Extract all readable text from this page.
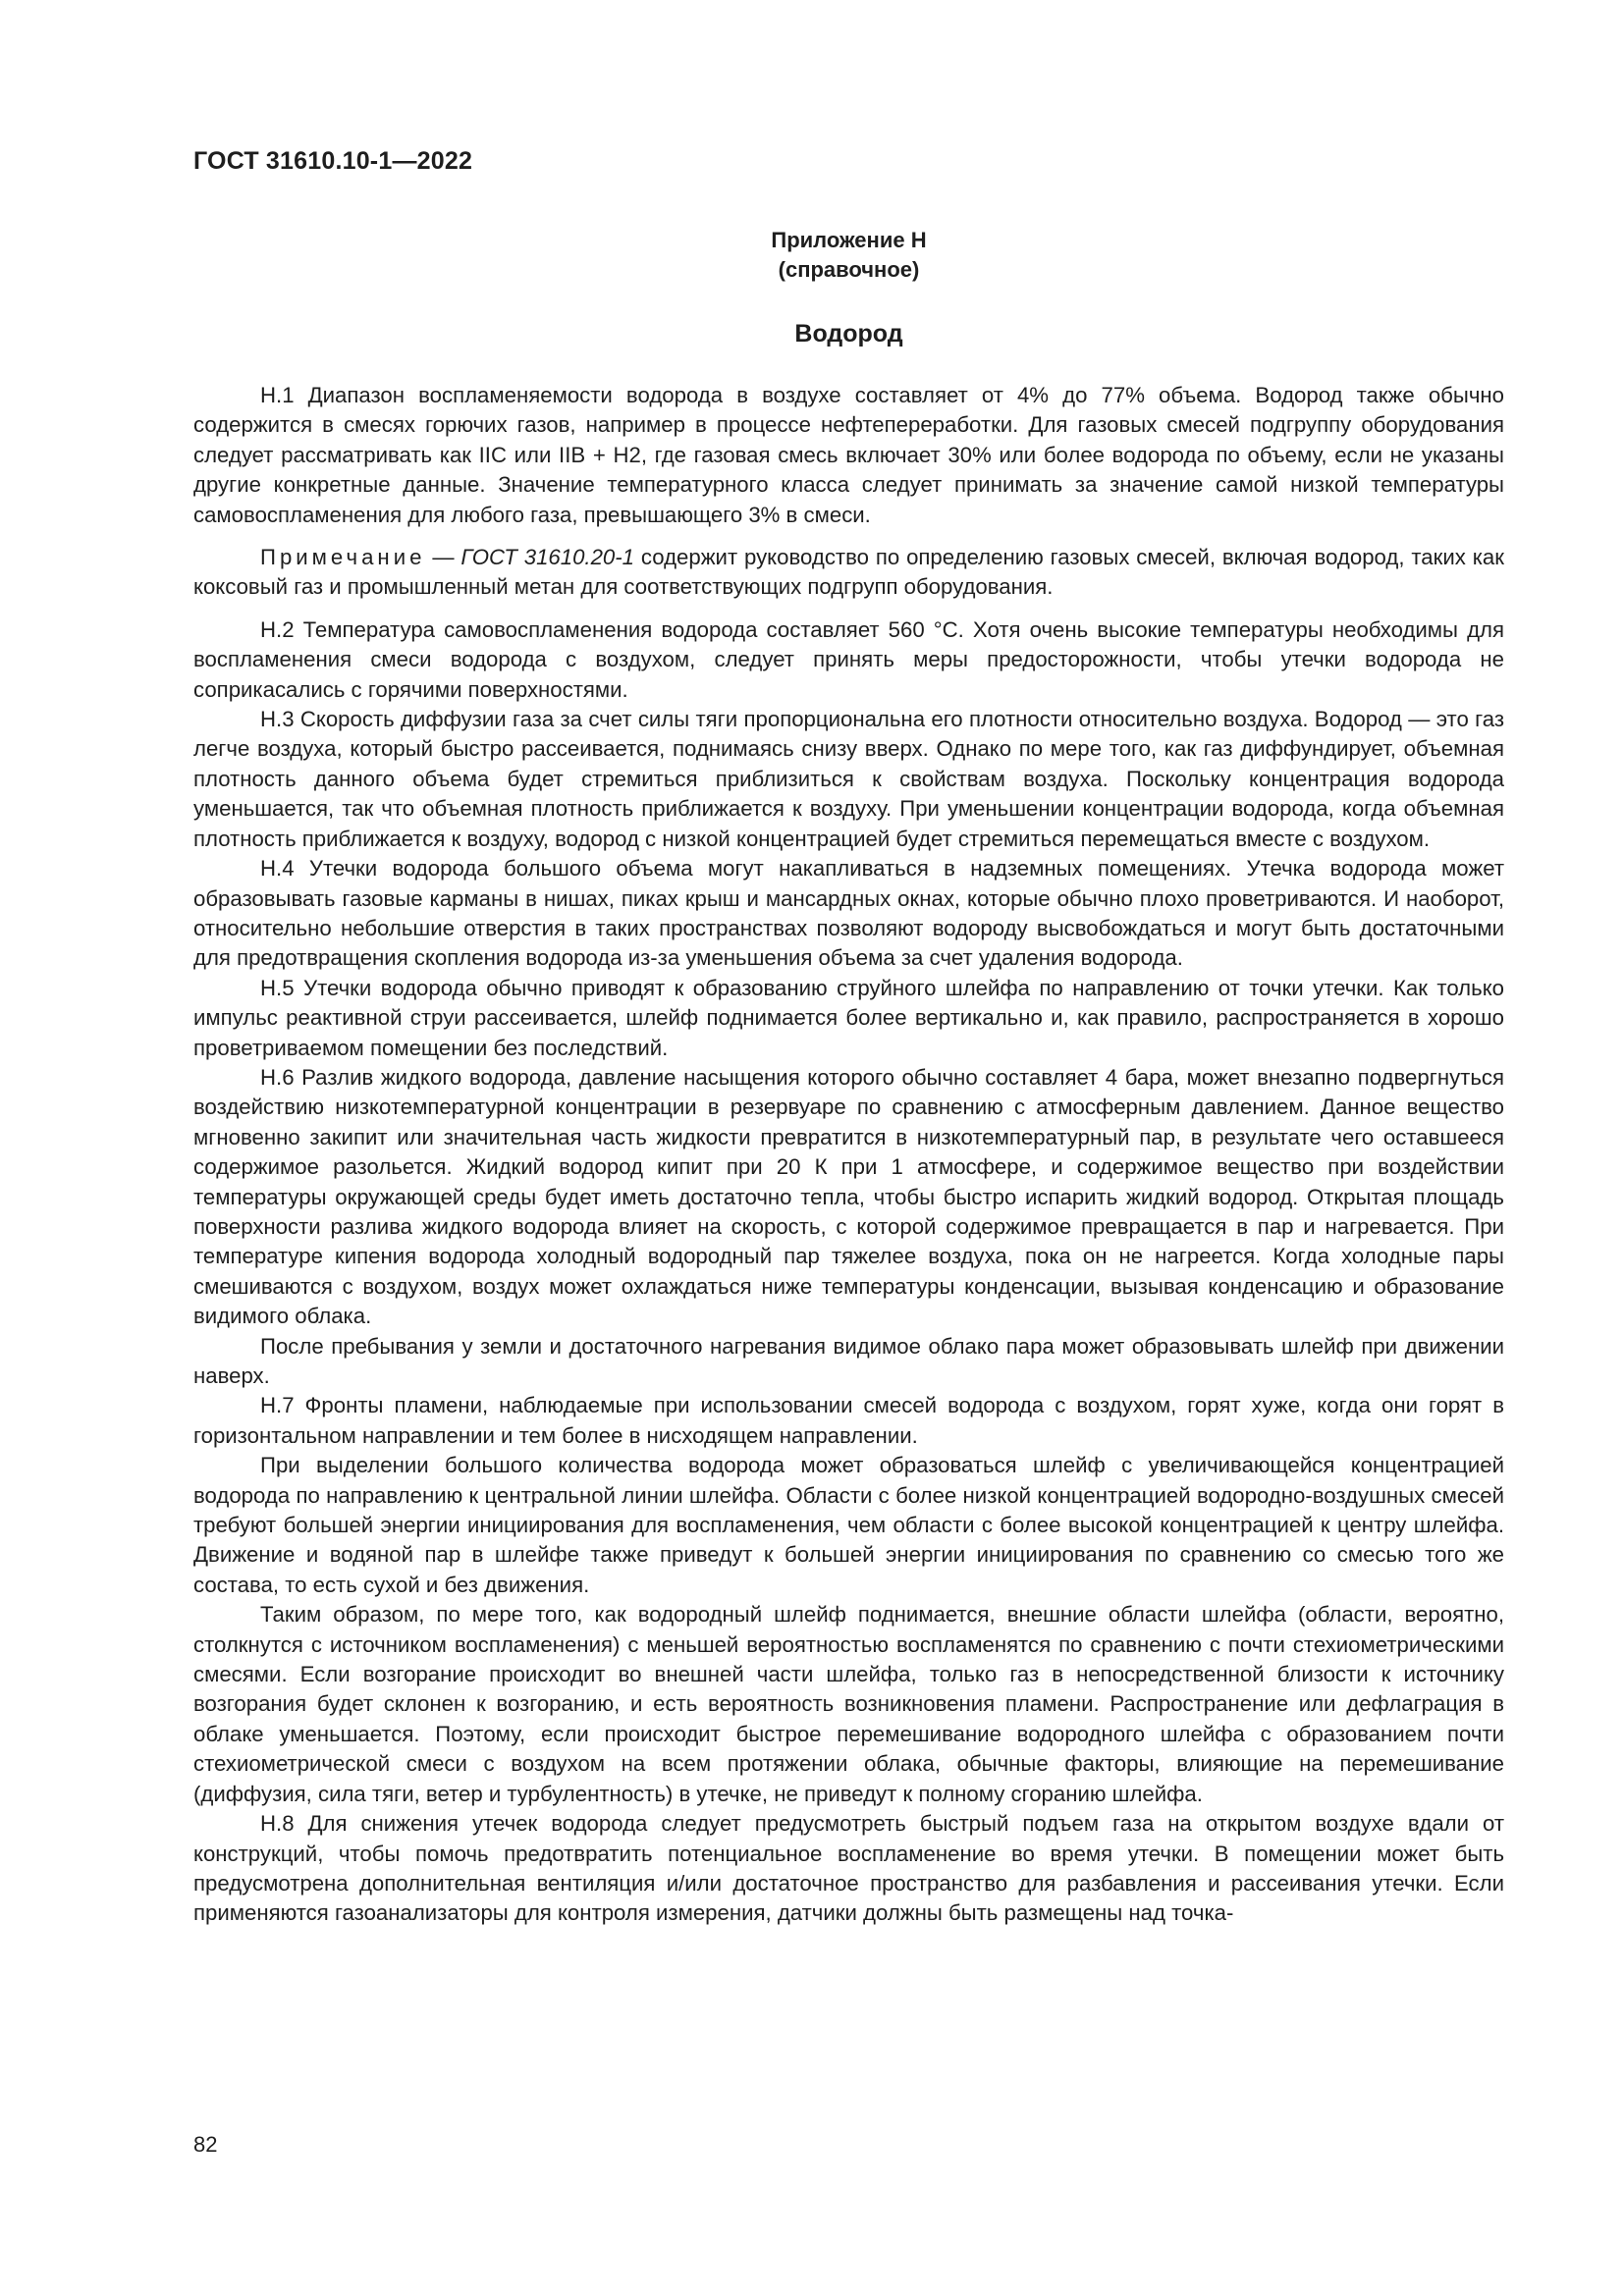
ГОСТ 31610.10-1—2022
Приложение Н
(справочное)
Водород

Н.1 Диапазон воспламеняемости водорода в воздухе составляет от 4% до 77% объема. Водород также обычно содержится в смесях горючих газов, например в процессе нефтепереработки. Для газовых смесей подгруппу оборудования следует рассматривать как IIC или IIB + H2, где газовая смесь включает 30% или более водорода по объему, если не указаны другие конкретные данные. Значение температурного класса следует принимать за значение самой низкой температуры самовоспламенения для любого газа, превышающего 3% в смеси.

Примечание — ГОСТ 31610.20-1 содержит руководство по определению газовых смесей, включая водород, таких как коксовый газ и промышленный метан для соответствующих подгрупп оборудования.

Н.2 Температура самовоспламенения водорода составляет 560 °С. Хотя очень высокие температуры необходимы для воспламенения смеси водорода с воздухом, следует принять меры предосторожности, чтобы утечки водорода не соприкасались с горячими поверхностями.

Н.3 Скорость диффузии газа за счет силы тяги пропорциональна его плотности относительно воздуха. Водород — это газ легче воздуха, который быстро рассеивается, поднимаясь снизу вверх. Однако по мере того, как газ диффундирует, объемная плотность данного объема будет стремиться приблизиться к свойствам воздуха. Поскольку концентрация водорода уменьшается, так что объемная плотность приближается к воздуху. При уменьшении концентрации водорода, когда объемная плотность приближается к воздуху, водород с низкой концентрацией будет стремиться перемещаться вместе с воздухом.

Н.4 Утечки водорода большого объема могут накапливаться в надземных помещениях. Утечка водорода может образовывать газовые карманы в нишах, пиках крыш и мансардных окнах, которые обычно плохо проветриваются. И наоборот, относительно небольшие отверстия в таких пространствах позволяют водороду высвобождаться и могут быть достаточными для предотвращения скопления водорода из-за уменьшения объема за счет удаления водорода.

Н.5 Утечки водорода обычно приводят к образованию струйного шлейфа по направлению от точки утечки. Как только импульс реактивной струи рассеивается, шлейф поднимается более вертикально и, как правило, распространяется в хорошо проветриваемом помещении без последствий.

Н.6 Разлив жидкого водорода, давление насыщения которого обычно составляет 4 бара, может внезапно подвергнуться воздействию низкотемпературной концентрации в резервуаре по сравнению с атмосферным давлением. Данное вещество мгновенно закипит или значительная часть жидкости превратится в низкотемпературный пар, в результате чего оставшееся содержимое разольется. Жидкий водород кипит при 20 К при 1 атмосфере, и содержимое вещество при воздействии температуры окружающей среды будет иметь достаточно тепла, чтобы быстро испарить жидкий водород. Открытая площадь поверхности разлива жидкого водорода влияет на скорость, с которой содержимое превращается в пар и нагревается. При температуре кипения водорода холодный водородный пар тяжелее воздуха, пока он не нагреется. Когда холодные пары смешиваются с воздухом, воздух может охлаждаться ниже температуры конденсации, вызывая конденсацию и образование видимого облака.

После пребывания у земли и достаточного нагревания видимое облако пара может образовывать шлейф при движении наверх.

Н.7 Фронты пламени, наблюдаемые при использовании смесей водорода с воздухом, горят хуже, когда они горят в горизонтальном направлении и тем более в нисходящем направлении.

При выделении большого количества водорода может образоваться шлейф с увеличивающейся концентрацией водорода по направлению к центральной линии шлейфа. Области с более низкой концентрацией водородно-воздушных смесей требуют большей энергии инициирования для воспламенения, чем области с более высокой концентрацией к центру шлейфа. Движение и водяной пар в шлейфе также приведут к большей энергии инициирования по сравнению со смесью того же состава, то есть сухой и без движения.

Таким образом, по мере того, как водородный шлейф поднимается, внешние области шлейфа (области, вероятно, столкнутся с источником воспламенения) с меньшей вероятностью воспламенятся по сравнению с почти стехиометрическими смесями. Если возгорание происходит во внешней части шлейфа, только газ в непосредственной близости к источнику возгорания будет склонен к возгоранию, и есть вероятность возникновения пламени. Распространение или дефлаграция в облаке уменьшается. Поэтому, если происходит быстрое перемешивание водородного шлейфа с образованием почти стехиометрической смеси с воздухом на всем протяжении облака, обычные факторы, влияющие на перемешивание (диффузия, сила тяги, ветер и турбулентность) в утечке, не приведут к полному сгоранию шлейфа.

Н.8 Для снижения утечек водорода следует предусмотреть быстрый подъем газа на открытом воздухе вдали от конструкций, чтобы помочь предотвратить потенциальное воспламенение во время утечки. В помещении может быть предусмотрена дополнительная вентиляция и/или достаточное пространство для разбавления и рассеивания утечки. Если применяются газоанализаторы для контроля измерения, датчики должны быть размещены над точка-

82
